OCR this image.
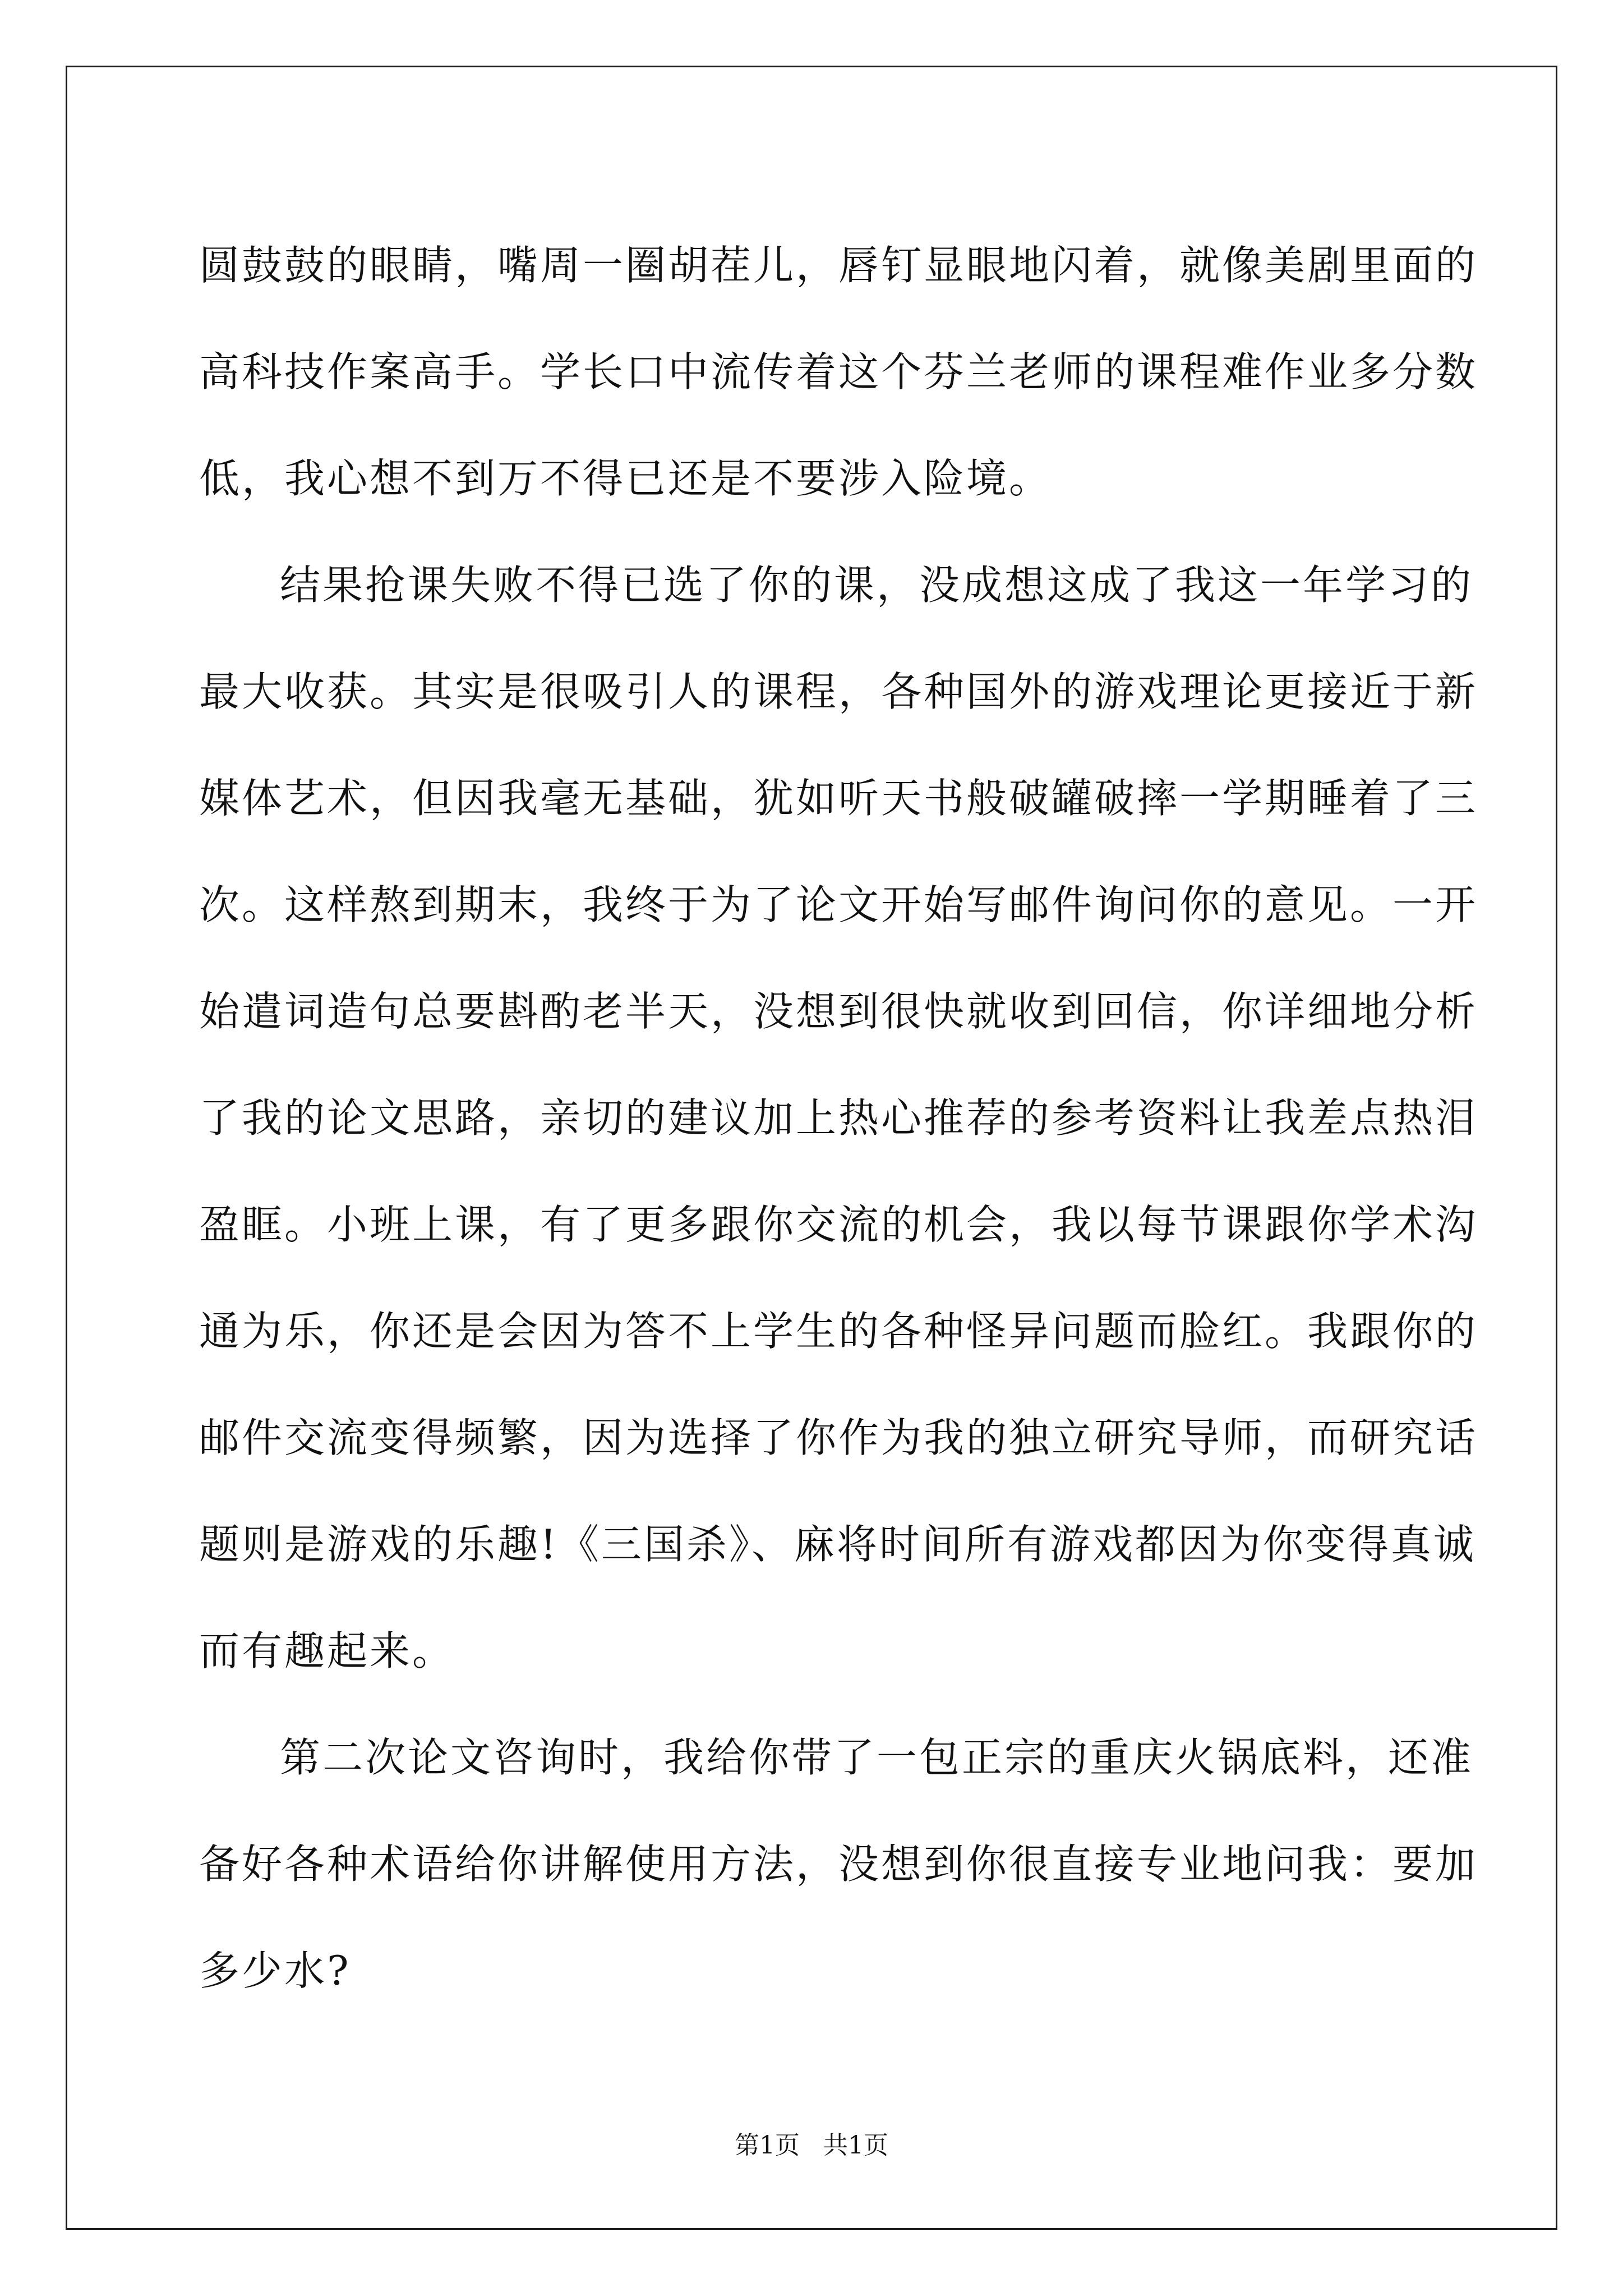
圆鼓鼓的眼睛，嘴周一圈胡茬儿，唇钉显眼地闪着，就像美剧里面的
高科技作案高手。学长口中流传着这个芬兰老师的课程难作业多分数
低，我心想不到万不得已还是不要涉入险境。

结果抢课失败不得已选了你的课，没成想这成了我这一年学习的
最大收获。其实是很吸引人的课程，各种国外的游戏理论更接近于新
媒体艺术，但因我毫无基础，犹如听天书般破罐破摔一学期睡着了三
次。这样熬到期末，我终于为了论文开始写邮件询问你的意见。一开
始遣词造句总要斟酌老半天，没想到很快就收到回信，你详细地分析
了我的论文思路，亲切的建议加上热心推荐的参考资料让我差点热泪
盈眶。小班上课，有了更多跟你交流的机会，我以每节课跟你学术沟
通为乐，你还是会因为答不上学生的各种怪异问题而脸红。我跟你的
邮件交流变得频繁，因为选择了你作为我的独立研究导师，而研究话
题则是游戏的乐趣!《三国杀》、麻将时间所有游戏都因为你变得真诚
而有趣起来。

第二次论文咨询时，我给你带了一包正宗的重庆火锅底料，还准
备好各种术语给你讲解使用方法，没想到你很直接专业地问我：要加
多少水?

第1页   共1页
